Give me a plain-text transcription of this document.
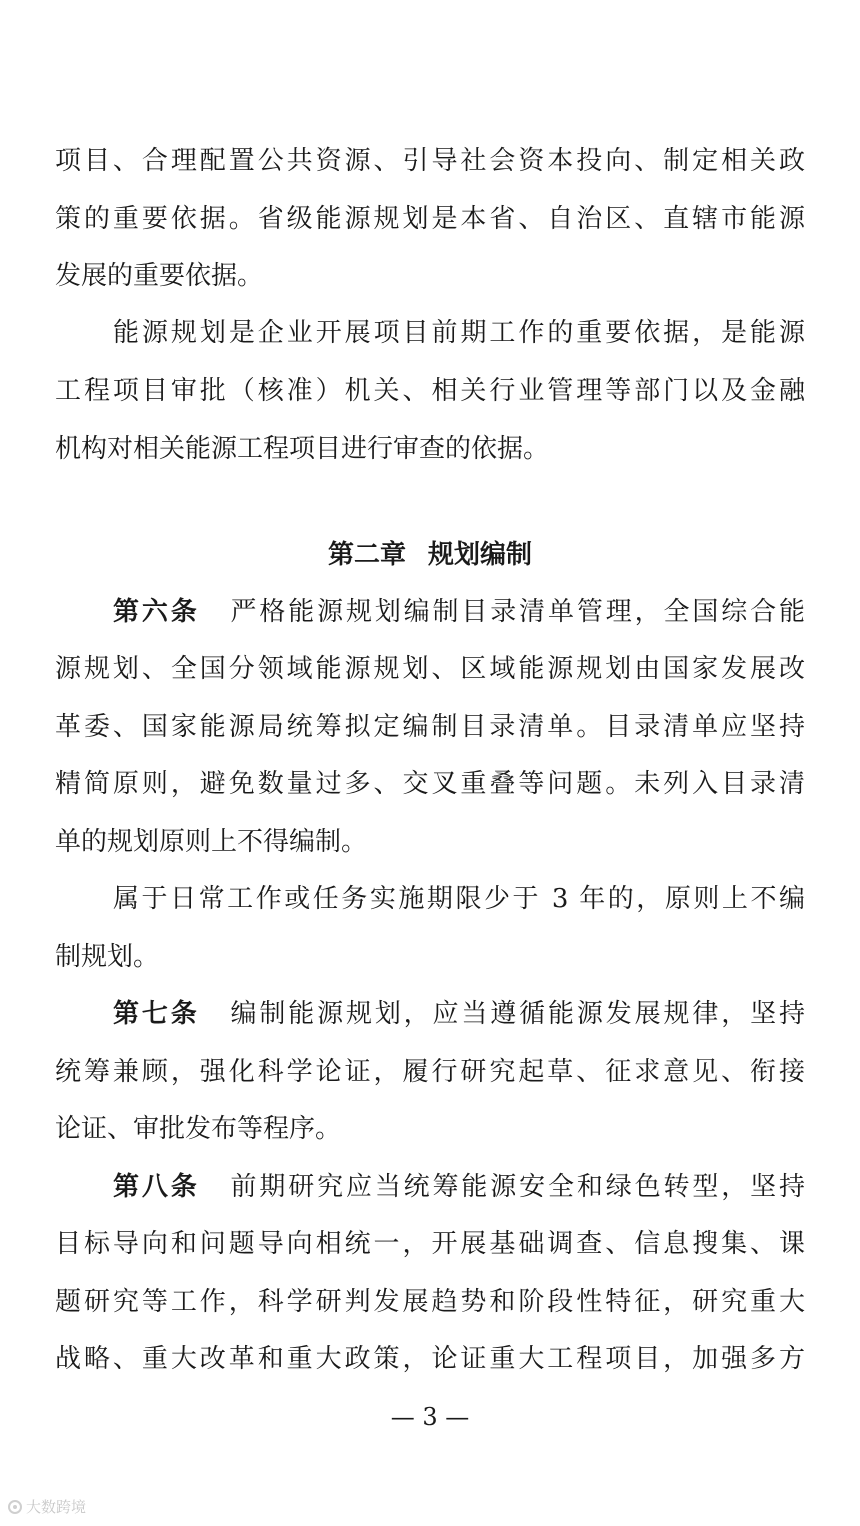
项目、合理配置公共资源、引导社会资本投向、制定相关政
策的重要依据。省级能源规划是本省、自治区、直辖市能源
发展的重要依据。
能源规划是企业开展项目前期工作的重要依据，是能源
工程项目审批（核准）机关、相关行业管理等部门以及金融
机构对相关能源工程项目进行审查的依据。
第二章 规划编制
第六条 严格能源规划编制目录清单管理，全国综合能
源规划、全国分领域能源规划、区域能源规划由国家发展改
革委、国家能源局统筹拟定编制目录清单。目录清单应坚持
精简原则，避免数量过多、交叉重叠等问题。未列入目录清
单的规划原则上不得编制。
属于日常工作或任务实施期限少于 3 年的，原则上不编
制规划。
第七条 编制能源规划，应当遵循能源发展规律，坚持
统筹兼顾，强化科学论证，履行研究起草、征求意见、衔接
论证、审批发布等程序。
第八条 前期研究应当统筹能源安全和绿色转型，坚持
目标导向和问题导向相统一，开展基础调查、信息搜集、课
题研究等工作，科学研判发展趋势和阶段性特征，研究重大
战略、重大改革和重大政策，论证重大工程项目，加强多方
— 3 —
大数跨境
